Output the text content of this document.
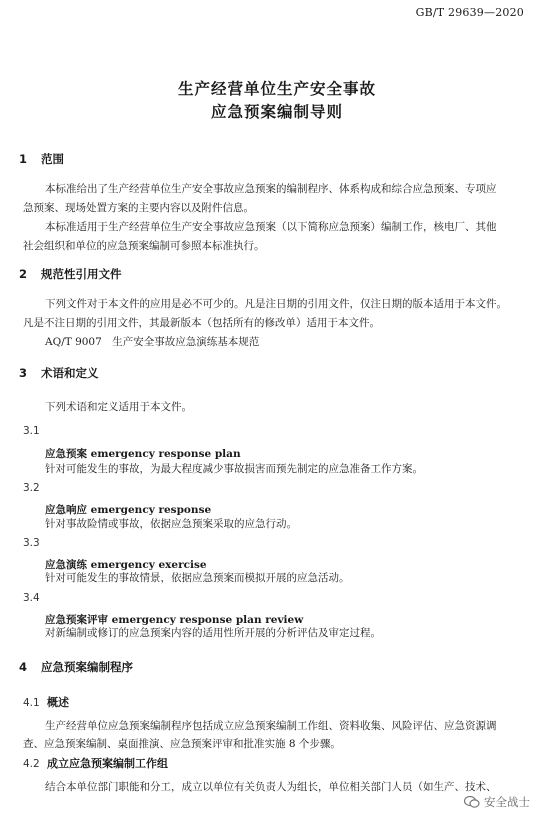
GB/T 29639—2020
生产经营单位生产安全事故
应急预案编制导则
1 范围
本标准给出了生产经营单位生产安全事故应急预案的编制程序、体系构成和综合应急预案、专项应
急预案、现场处置方案的主要内容以及附件信息。
本标准适用于生产经营单位生产安全事故应急预案（以下简称应急预案）编制工作，核电厂、其他
社会组织和单位的应急预案编制可参照本标准执行。
2 规范性引用文件
下列文件对于本文件的应用是必不可少的。凡是注日期的引用文件，仅注日期的版本适用于本文件。
凡是不注日期的引用文件，其最新版本（包括所有的修改单）适用于本文件。
AQ/T 9007　生产安全事故应急演练基本规范
3 术语和定义
下列术语和定义适用于本文件。
3.1
应急预案 emergency response plan
针对可能发生的事故，为最大程度减少事故损害而预先制定的应急准备工作方案。
3.2
应急响应 emergency response
针对事故险情或事故，依据应急预案采取的应急行动。
3.3
应急演练 emergency exercise
针对可能发生的事故情景，依据应急预案而模拟开展的应急活动。
3.4
应急预案评审 emergency response plan review
对新编制或修订的应急预案内容的适用性所开展的分析评估及审定过程。
4 应急预案编制程序
4.1 概述
生产经营单位应急预案编制程序包括成立应急预案编制工作组、资料收集、风险评估、应急资源调
查、应急预案编制、桌面推演、应急预案评审和批准实施 8 个步骤。
4.2 成立应急预案编制工作组
结合本单位部门职能和分工，成立以单位有关负责人为组长，单位相关部门人员（如生产、技术、
安全战士
